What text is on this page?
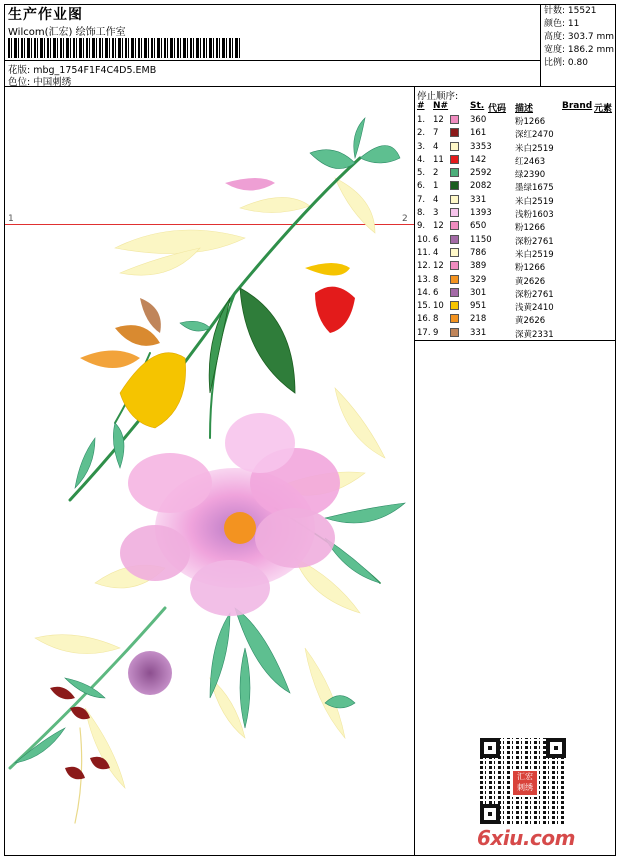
生产作业图
Wilcom(汇宏) 绘饰工作室
花版: mbg_1754F1F4C4D5.EMB
色位: 中国刺绣
针数: 15521
颜色: 11
高度: 303.7 mm
宽度: 186.2 mm
比例: 0.80
1	2
停止顺序:
# N# St. 代码 描述	Brand 元素
1. 12	360	粉1266
2. 7	161	深红2470
3. 4	3353	米白2519
4. 11	142	红2463
5. 2	2592	绿2390
6. 1	2082	墨绿1675
7. 4	331	米白2519
8. 3	1393	浅粉1603
9. 12	650	粉1266
10. 6	1150	深粉2761
11. 4	786	米白2519
12. 12	389	粉1266
13. 8	329	黄2626
14. 6	301	深粉2761
15. 10	951	浅黄2410
16. 8	218	黄2626
17. 9	331	深黄2331
汇宏
刺绣
6xiu.com
